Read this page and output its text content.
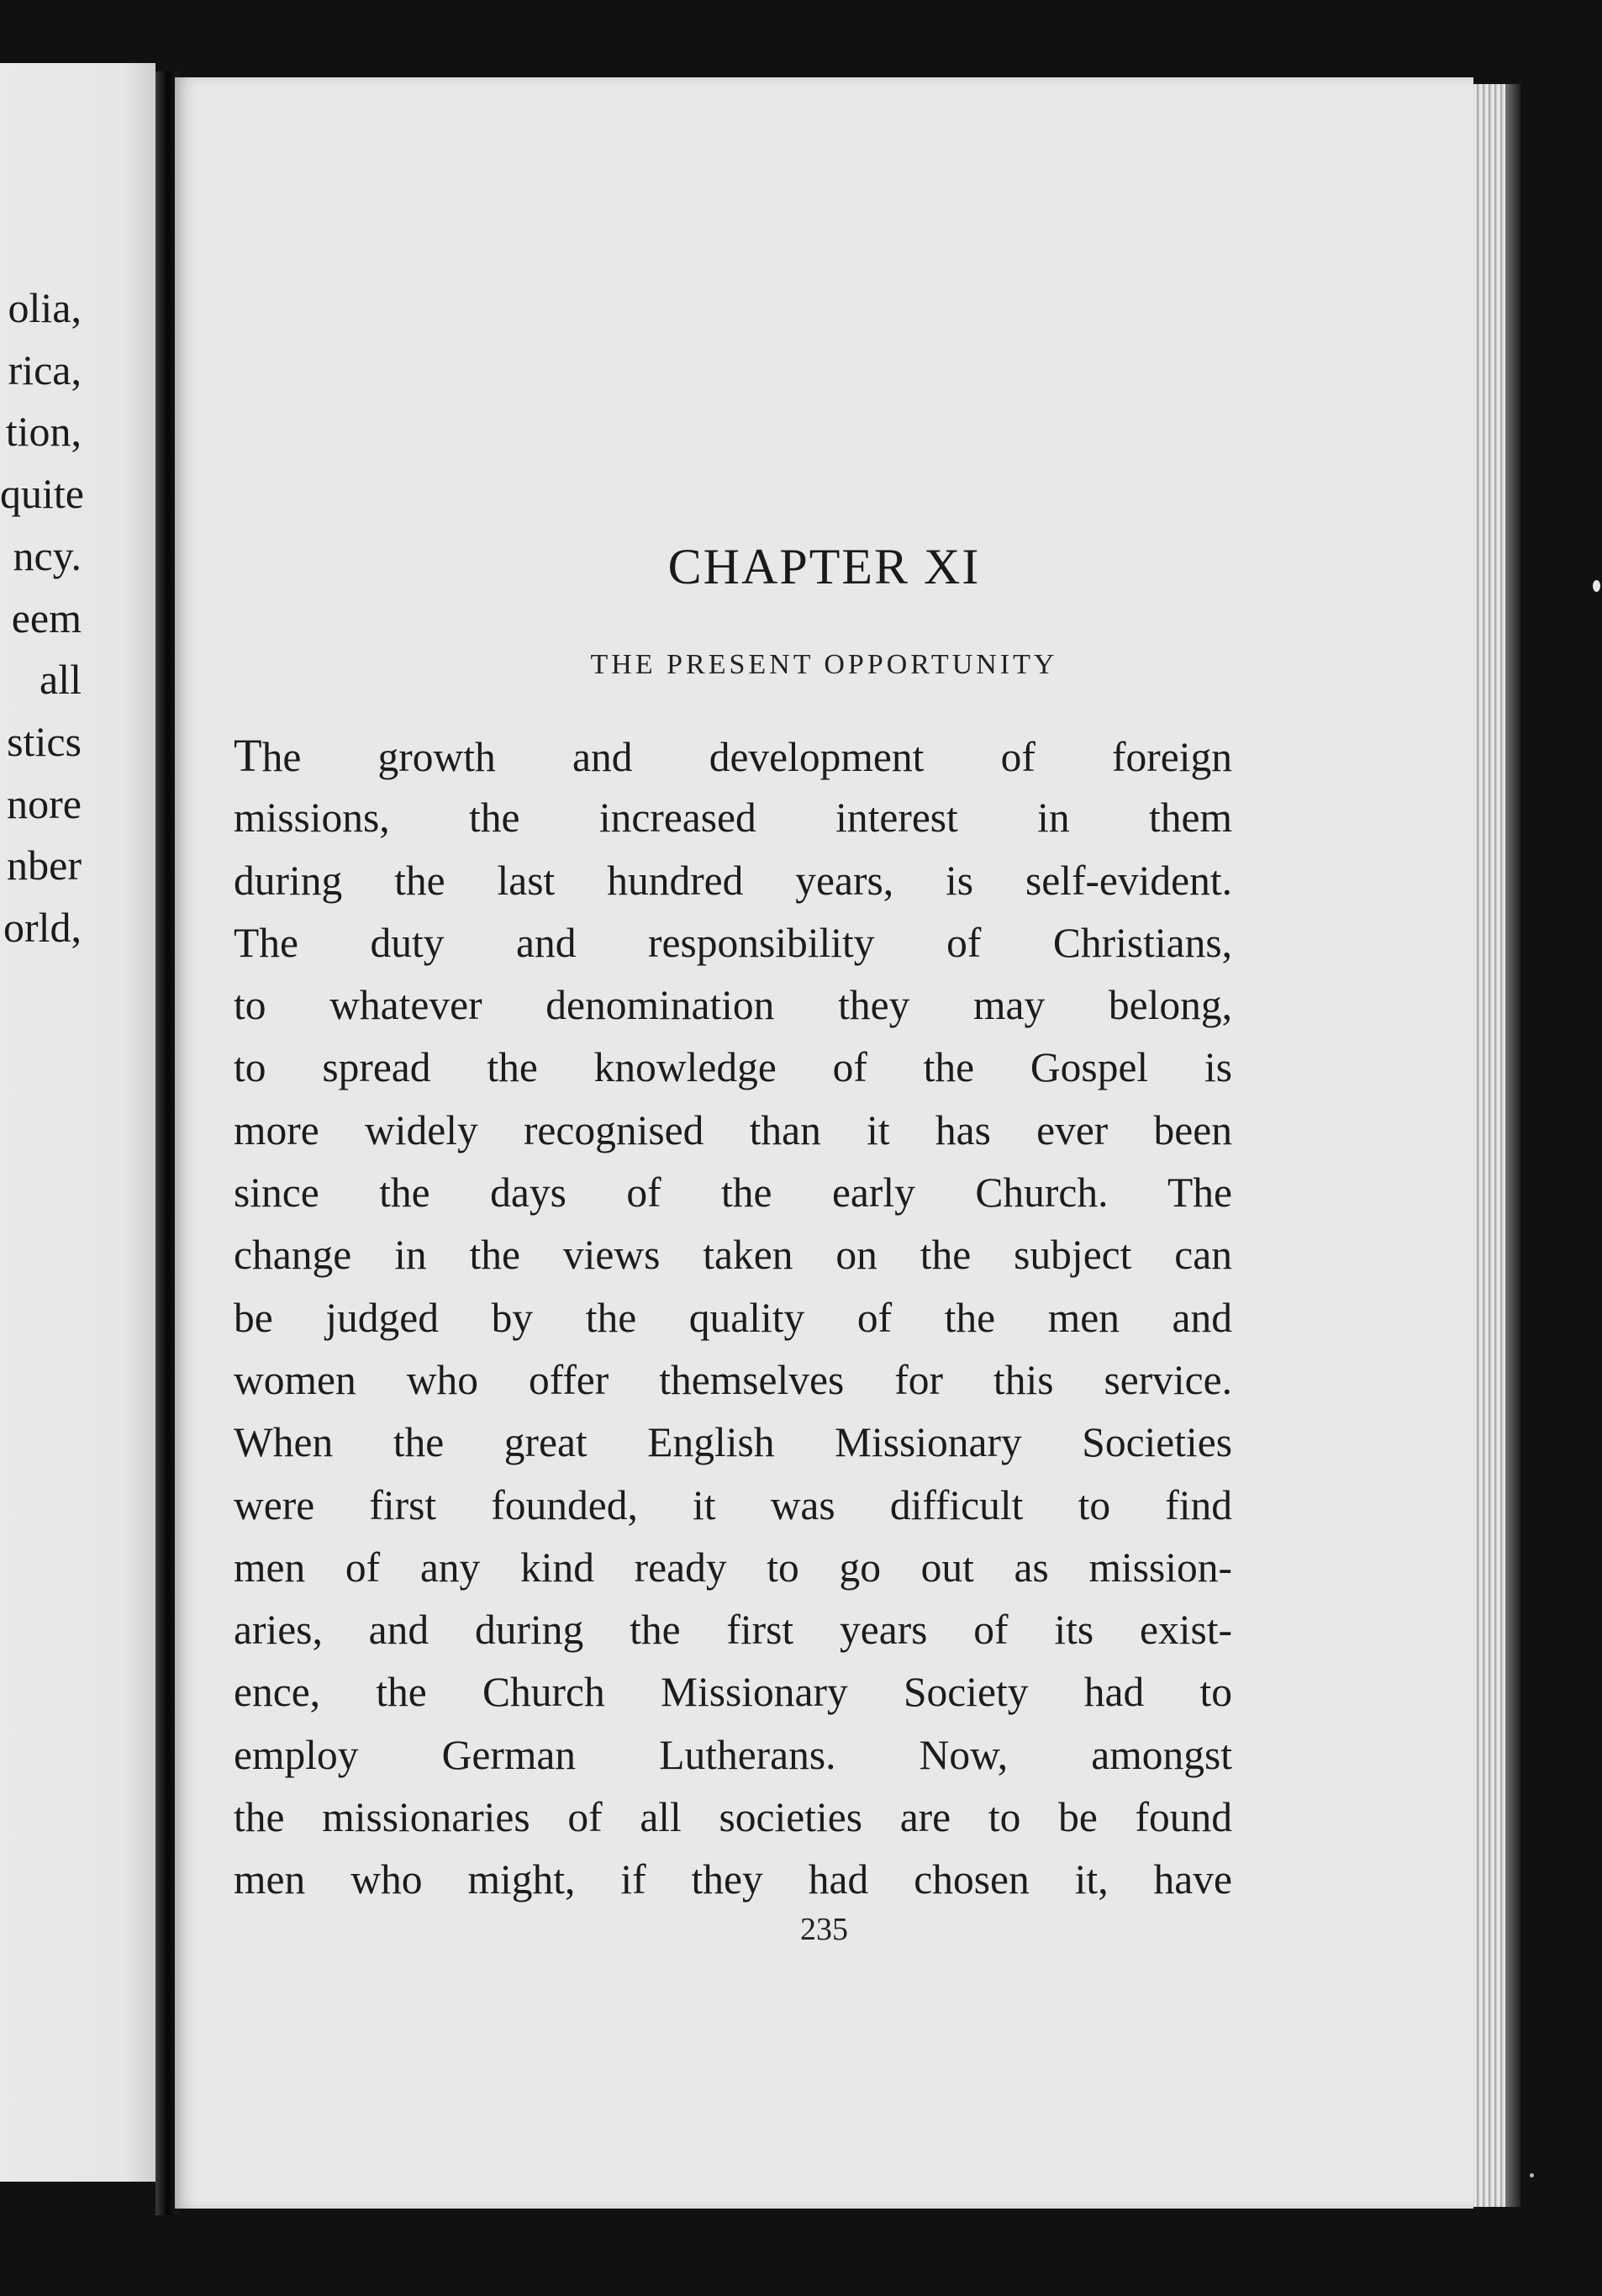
olia,
rica,
tion,
quite
ncy.
eem
all
stics
nore
nber
orld,
CHAPTER XI
THE PRESENT OPPORTUNITY
The growth and development of foreign
missions, the increased interest in them
during the last hundred years, is self-evident.
The duty and responsibility of Christians,
to whatever denomination they may belong,
to spread the knowledge of the Gospel is
more widely recognised than it has ever been
since the days of the early Church. The
change in the views taken on the subject can
be judged by the quality of the men and
women who offer themselves for this service.
When the great English Missionary Societies
were first founded, it was difficult to find
men of any kind ready to go out as mission-
aries, and during the first years of its exist-
ence, the Church Missionary Society had to
employ German Lutherans. Now, amongst
the missionaries of all societies are to be found
men who might, if they had chosen it, have
235
